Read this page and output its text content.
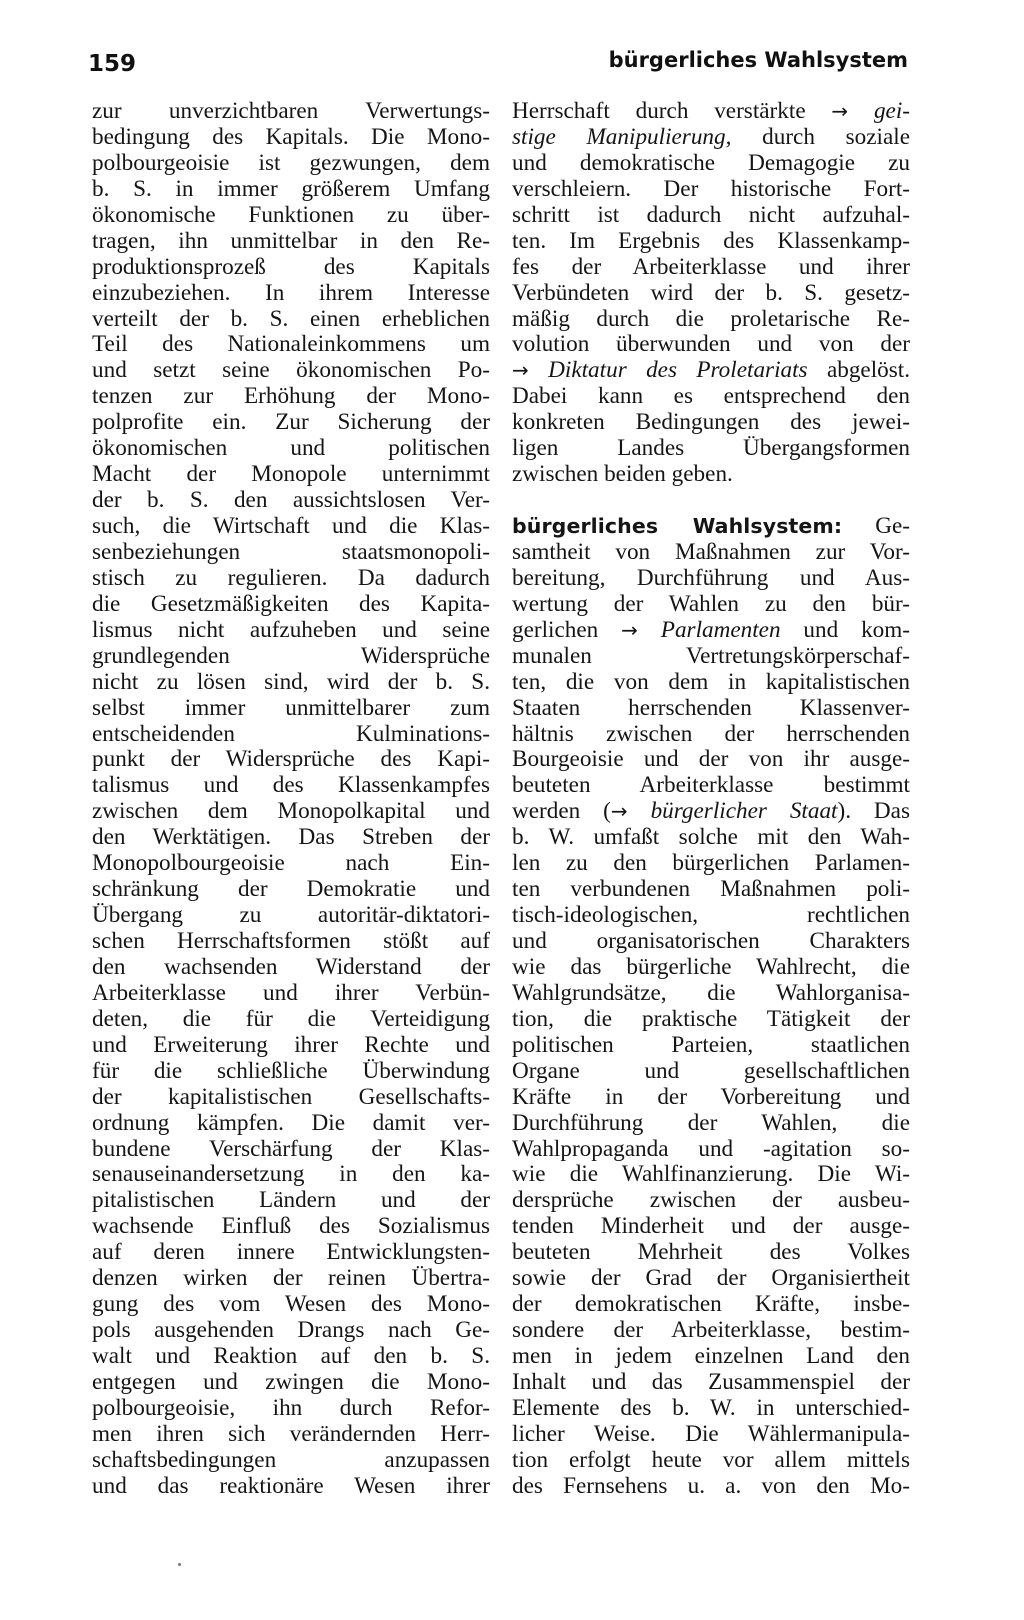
159	bürgerliches Wahlsystem
zur unverzichtbaren Verwertungs-
bedingung des Kapitals. Die Mono-
polbourgeoisie ist gezwungen, dem
b. S. in immer größerem Umfang
ökonomische Funktionen zu über-
tragen, ihn unmittelbar in den Re-
produktionsprozeß des Kapitals
einzubeziehen. In ihrem Interesse
verteilt der b. S. einen erheblichen
Teil des Nationaleinkommens um
und setzt seine ökonomischen Po-
tenzen zur Erhöhung der Mono-
polprofite ein. Zur Sicherung der
ökonomischen und politischen
Macht der Monopole unternimmt
der b. S. den aussichtslosen Ver-
such, die Wirtschaft und die Klas-
senbeziehungen staatsmonopoli-
stisch zu regulieren. Da dadurch
die Gesetzmäßigkeiten des Kapita-
lismus nicht aufzuheben und seine
grundlegenden Widersprüche
nicht zu lösen sind, wird der b. S.
selbst immer unmittelbarer zum
entscheidenden Kulminations-
punkt der Widersprüche des Kapi-
talismus und des Klassenkampfes
zwischen dem Monopolkapital und
den Werktätigen. Das Streben der
Monopolbourgeoisie nach Ein-
schränkung der Demokratie und
Übergang zu autoritär-diktatori-
schen Herrschaftsformen stößt auf
den wachsenden Widerstand der
Arbeiterklasse und ihrer Verbün-
deten, die für die Verteidigung
und Erweiterung ihrer Rechte und
für die schließliche Überwindung
der kapitalistischen Gesellschafts-
ordnung kämpfen. Die damit ver-
bundene Verschärfung der Klas-
senauseinandersetzung in den ka-
pitalistischen Ländern und der
wachsende Einfluß des Sozialismus
auf deren innere Entwicklungsten-
denzen wirken der reinen Übertra-
gung des vom Wesen des Mono-
pols ausgehenden Drangs nach Ge-
walt und Reaktion auf den b. S.
entgegen und zwingen die Mono-
polbourgeoisie, ihn durch Refor-
men ihren sich verändernden Herr-
schaftsbedingungen anzupassen
und das reaktionäre Wesen ihrer
Herrschaft durch verstärkte → gei-
stige Manipulierung, durch soziale
und demokratische Demagogie zu
verschleiern. Der historische Fort-
schritt ist dadurch nicht aufzuhal-
ten. Im Ergebnis des Klassenkamp-
fes der Arbeiterklasse und ihrer
Verbündeten wird der b. S. gesetz-
mäßig durch die proletarische Re-
volution überwunden und von der
→ Diktatur des Proletariats abgelöst.
Dabei kann es entsprechend den
konkreten Bedingungen des jewei-
ligen Landes Übergangsformen
zwischen beiden geben.
bürgerliches Wahlsystem: Ge-
samtheit von Maßnahmen zur Vor-
bereitung, Durchführung und Aus-
wertung der Wahlen zu den bür-
gerlichen → Parlamenten und kom-
munalen Vertretungskörperschaf-
ten, die von dem in kapitalistischen
Staaten herrschenden Klassenver-
hältnis zwischen der herrschenden
Bourgeoisie und der von ihr ausge-
beuteten Arbeiterklasse bestimmt
werden (→ bürgerlicher Staat). Das
b. W. umfaßt solche mit den Wah-
len zu den bürgerlichen Parlamen-
ten verbundenen Maßnahmen poli-
tisch-ideologischen, rechtlichen
und organisatorischen Charakters
wie das bürgerliche Wahlrecht, die
Wahlgrundsätze, die Wahlorganisa-
tion, die praktische Tätigkeit der
politischen Parteien, staatlichen
Organe und gesellschaftlichen
Kräfte in der Vorbereitung und
Durchführung der Wahlen, die
Wahlpropaganda und -agitation so-
wie die Wahlfinanzierung. Die Wi-
dersprüche zwischen der ausbeu-
tenden Minderheit und der ausge-
beuteten Mehrheit des Volkes
sowie der Grad der Organisiertheit
der demokratischen Kräfte, insbe-
sondere der Arbeiterklasse, bestim-
men in jedem einzelnen Land den
Inhalt und das Zusammenspiel der
Elemente des b. W. in unterschied-
licher Weise. Die Wählermanipula-
tion erfolgt heute vor allem mittels
des Fernsehens u. a. von den Mo-
